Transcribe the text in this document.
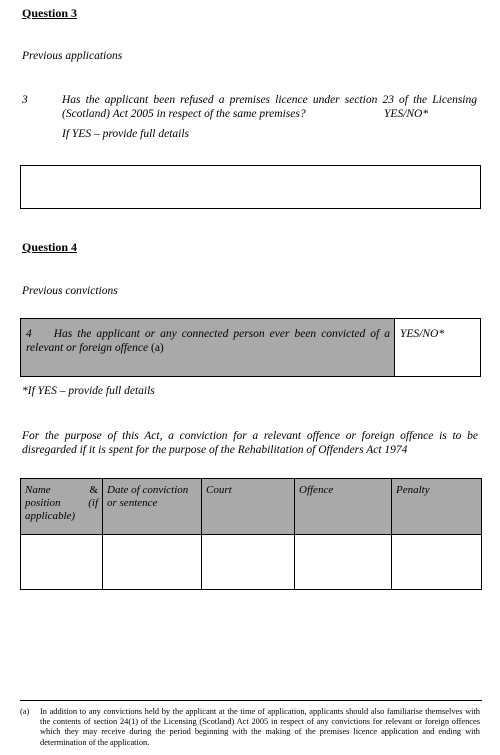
Question 3
Previous applications
3	Has the applicant been refused a premises licence under section 23 of the Licensing
(Scotland) Act 2005 in respect of the same premises?	YES/NO*
If YES – provide full details
Question 4
Previous convictions
4 Has the applicant or any connected person ever been convicted of a
relevant or foreign offence (a)
YES/NO*
*If YES – provide full details
For the purpose of this Act, a conviction for a relevant offence or foreign offence is to be
disregarded if it is spent for the purpose of the Rehabilitation of Offenders Act 1974
Name &
position (if
applicable)	Date of conviction or sentence	Court	Offence	Penalty

(a)	In addition to any convictions held by the applicant at the time of application, applicants should also familiarise themselves with the contents of section 24(1) of the Licensing (Scotland) Act 2005 in respect of any convictions for relevant or foreign offences which they may receive during the period beginning with the making of the premises licence application and ending with determination of the application.
